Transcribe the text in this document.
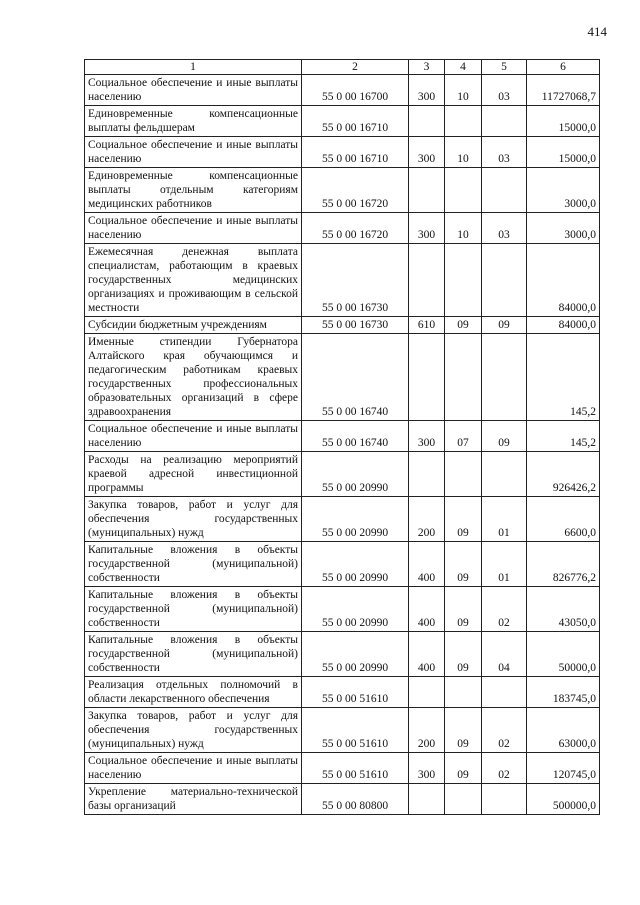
414
1	2	3	4	5	6
Социальное обеспечение и иные выплаты населению	55 0 00 16700	300	10	03	11727068,7
Единовременные компенсационные выплаты фельдшерам	55 0 00 16710				15000,0
Социальное обеспечение и иные выплаты населению	55 0 00 16710	300	10	03	15000,0
Единовременные компенсационные выплаты отдельным категориям медицинских работников	55 0 00 16720				3000,0
Социальное обеспечение и иные выплаты населению	55 0 00 16720	300	10	03	3000,0
Ежемесячная денежная выплата специалистам, работающим в краевых государственных медицинских организациях и проживающим в сельской местности	55 0 00 16730				84000,0
Субсидии бюджетным учреждениям	55 0 00 16730	610	09	09	84000,0
Именные стипендии Губернатора Алтайского края обучающимся и педагогическим работникам краевых государственных профессиональных образовательных организаций в сфере здравоохранения	55 0 00 16740				145,2
Социальное обеспечение и иные выплаты населению	55 0 00 16740	300	07	09	145,2
Расходы на реализацию мероприятий краевой адресной инвестиционной программы	55 0 00 20990				926426,2
Закупка товаров, работ и услуг для обеспечения государственных (муниципальных) нужд	55 0 00 20990	200	09	01	6600,0
Капитальные вложения в объекты государственной (муниципальной) собственности	55 0 00 20990	400	09	01	826776,2
Капитальные вложения в объекты государственной (муниципальной) собственности	55 0 00 20990	400	09	02	43050,0
Капитальные вложения в объекты государственной (муниципальной) собственности	55 0 00 20990	400	09	04	50000,0
Реализация отдельных полномочий в области лекарственного обеспечения	55 0 00 51610				183745,0
Закупка товаров, работ и услуг для обеспечения государственных (муниципальных) нужд	55 0 00 51610	200	09	02	63000,0
Социальное обеспечение и иные выплаты населению	55 0 00 51610	300	09	02	120745,0
Укрепление материально-технической базы организаций	55 0 00 80800				500000,0
